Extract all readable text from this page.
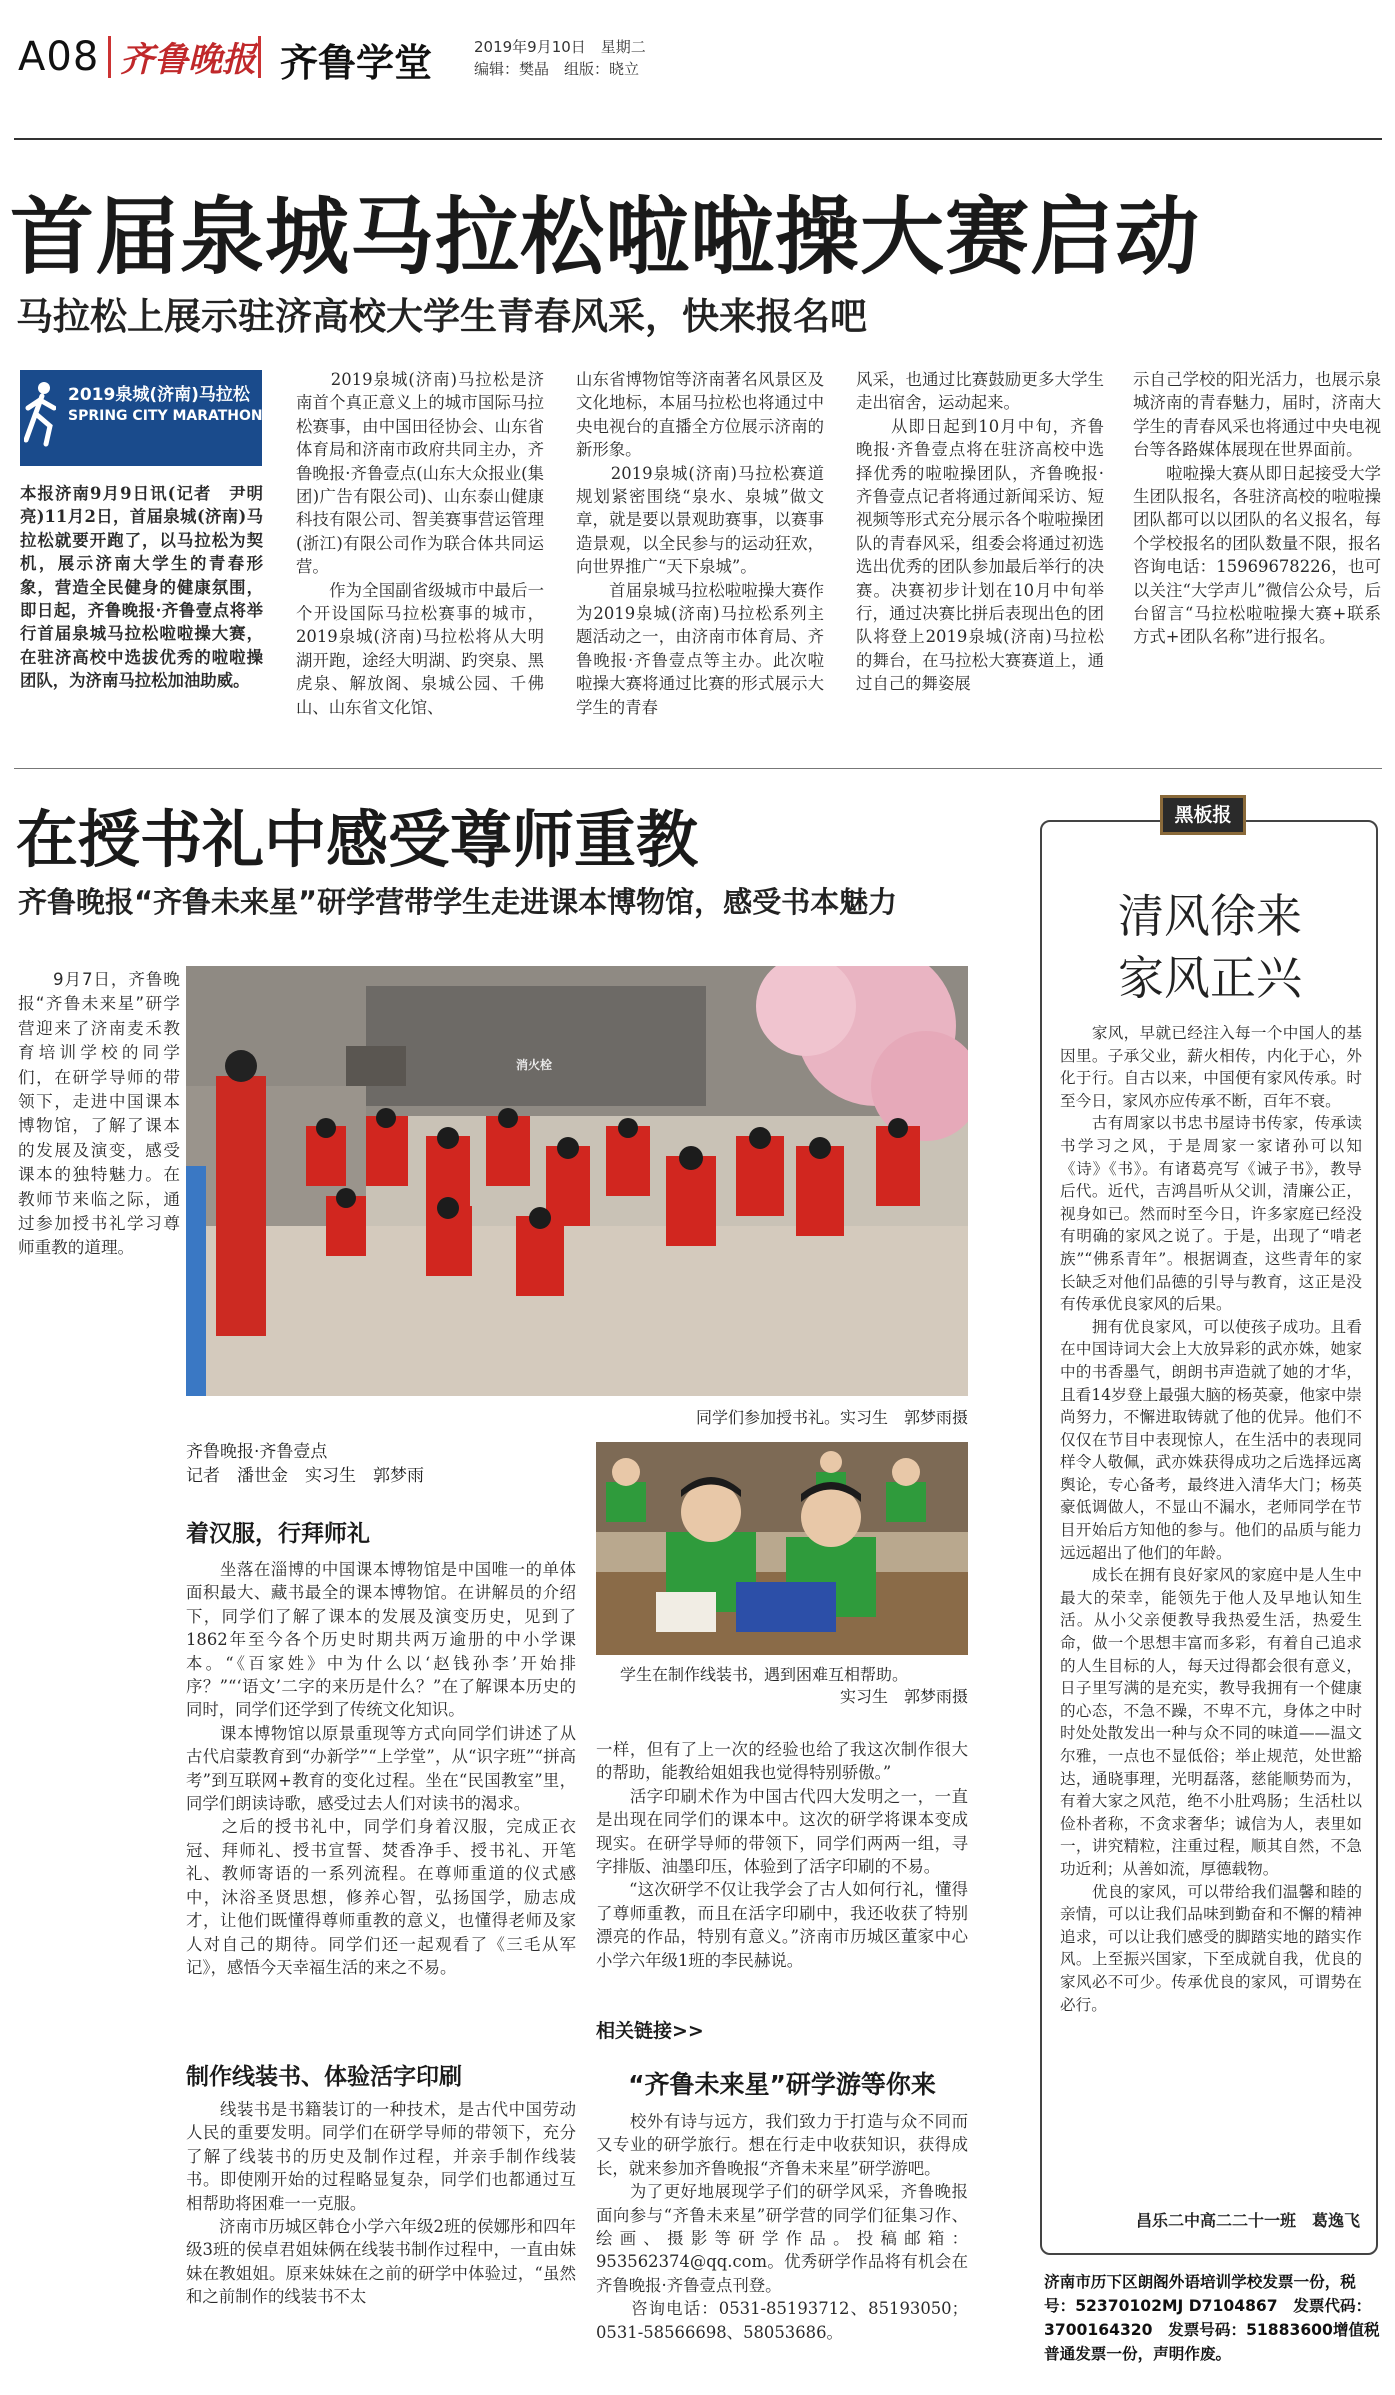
A08 齐鲁晚报 齐鲁学堂	2019年9月10日　星期二
编辑：樊晶　组版：晓立
首届泉城马拉松啦啦操大赛启动
马拉松上展示驻济高校大学生青春风采，快来报名吧
2019泉城(济南)马拉松
SPRING CITY MARATHON 2019
本报济南9月9日讯(记者　尹明亮)11月2日，首届泉城(济南)马拉松就要开跑了，以马拉松为契机，展示济南大学生的青春形象，营造全民健身的健康氛围，即日起，齐鲁晚报·齐鲁壹点将举行首届泉城马拉松啦啦操大赛，在驻济高校中选拔优秀的啦啦操团队，为济南马拉松加油助威。
　　2019泉城(济南)马拉松是济南首个真正意义上的城市国际马拉松赛事，由中国田径协会、山东省体育局和济南市政府共同主办，齐鲁晚报·齐鲁壹点(山东大众报业(集团)广告有限公司)、山东泰山健康科技有限公司、智美赛事营运管理(浙江)有限公司作为联合体共同运营。
　　作为全国副省级城市中最后一个开设国际马拉松赛事的城市，2019泉城(济南)马拉松将从大明湖开跑，途经大明湖、趵突泉、黑虎泉、解放阁、泉城公园、千佛山、山东省文化馆、
山东省博物馆等济南著名风景区及文化地标，本届马拉松也将通过中央电视台的直播全方位展示济南的新形象。
　　2019泉城(济南)马拉松赛道规划紧密围绕“泉水、泉城”做文章，就是要以景观助赛事，以赛事造景观，以全民参与的运动狂欢，向世界推广“天下泉城”。
　　首届泉城马拉松啦啦操大赛作为2019泉城(济南)马拉松系列主题活动之一，由济南市体育局、齐鲁晚报·齐鲁壹点等主办。此次啦啦操大赛将通过比赛的形式展示大学生的青春
风采，也通过比赛鼓励更多大学生走出宿舍，运动起来。
　　从即日起到10月中旬，齐鲁晚报·齐鲁壹点将在驻济高校中选择优秀的啦啦操团队，齐鲁晚报·齐鲁壹点记者将通过新闻采访、短视频等形式充分展示各个啦啦操团队的青春风采，组委会将通过初选选出优秀的团队参加最后举行的决赛。决赛初步计划在10月中旬举行，通过决赛比拼后表现出色的团队将登上2019泉城(济南)马拉松的舞台，在马拉松大赛赛道上，通过自己的舞姿展
示自己学校的阳光活力，也展示泉城济南的青春魅力，届时，济南大学生的青春风采也将通过中央电视台等各路媒体展现在世界面前。
　　啦啦操大赛从即日起接受大学生团队报名，各驻济高校的啦啦操团队都可以以团队的名义报名，每个学校报名的团队数量不限，报名咨询电话：15969678226，也可以关注“大学声儿”微信公众号，后台留言“马拉松啦啦操大赛+联系方式+团队名称”进行报名。
在授书礼中感受尊师重教
齐鲁晚报“齐鲁未来星”研学营带学生走进课本博物馆，感受书本魅力
　　9月7日，齐鲁晚报“齐鲁未来星”研学营迎来了济南麦禾教育培训学校的同学们，在研学导师的带领下，走进中国课本博物馆，了解了课本的发展及演变，感受课本的独特魅力。在教师节来临之际，通过参加授书礼学习尊师重教的道理。
消火栓
同学们参加授书礼。实习生　郭梦雨摄
学生在制作线装书，遇到困难互相帮助。
实习生　郭梦雨摄
齐鲁晚报·齐鲁壹点
记者　潘世金　实习生　郭梦雨
着汉服，行拜师礼
　　坐落在淄博的中国课本博物馆是中国唯一的单体面积最大、藏书最全的课本博物馆。在讲解员的介绍下，同学们了解了课本的发展及演变历史，见到了1862年至今各个历史时期共两万逾册的中小学课本。“《百家姓》中为什么以‘赵钱孙李’开始排序？”“‘语文’二字的来历是什么？”在了解课本历史的同时，同学们还学到了传统文化知识。
　　课本博物馆以原景重现等方式向同学们讲述了从古代启蒙教育到“办新学”“上学堂”，从“识字班”“拼高考”到互联网+教育的变化过程。坐在“民国教室”里，同学们朗读诗歌，感受过去人们对读书的渴求。
　　之后的授书礼中，同学们身着汉服，完成正衣冠、拜师礼、授书宣誓、焚香净手、授书礼、开笔礼、教师寄语的一系列流程。在尊师重道的仪式感中，沐浴圣贤思想，修养心智，弘扬国学，励志成才，让他们既懂得尊师重教的意义，也懂得老师及家人对自己的期待。同学们还一起观看了《三毛从军记》，感悟今天幸福生活的来之不易。
制作线装书、体验活字印刷
　　线装书是书籍装订的一种技术，是古代中国劳动人民的重要发明。同学们在研学导师的带领下，充分了解了线装书的历史及制作过程，并亲手制作线装书。即使刚开始的过程略显复杂，同学们也都通过互相帮助将困难一一克服。
　　济南市历城区韩仓小学六年级2班的侯娜彤和四年级3班的侯卓君姐妹俩在线装书制作过程中，一直由妹妹在教姐姐。原来妹妹在之前的研学中体验过，“虽然和之前制作的线装书不太
一样，但有了上一次的经验也给了我这次制作很大的帮助，能教给姐姐我也觉得特别骄傲。”
　　活字印刷术作为中国古代四大发明之一，一直是出现在同学们的课本中。这次的研学将课本变成现实。在研学导师的带领下，同学们两两一组，寻字排版、油墨印压，体验到了活字印刷的不易。
　　“这次研学不仅让我学会了古人如何行礼，懂得了尊师重教，而且在活字印刷中，我还收获了特别漂亮的作品，特别有意义。”济南市历城区董家中心小学六年级1班的李民赫说。
相关链接>>
“齐鲁未来星”研学游等你来
　　校外有诗与远方，我们致力于打造与众不同而又专业的研学旅行。想在行走中收获知识，获得成长，就来参加齐鲁晚报“齐鲁未来星”研学游吧。
　　为了更好地展现学子们的研学风采，齐鲁晚报面向参与“齐鲁未来星”研学营的同学们征集习作、绘画、摄影等研学作品。投稿邮箱：953562374@qq.com。优秀研学作品将有机会在齐鲁晚报·齐鲁壹点刊登。
　　咨询电话：0531-85193712、85193050；0531-58566698、58053686。
黑板报
清风徐来
家风正兴
　　家风，早就已经注入每一个中国人的基因里。子承父业，薪火相传，内化于心，外化于行。自古以来，中国便有家风传承。时至今日，家风亦应传承不断，百年不衰。
　　古有周家以书忠书屋诗书传家，传承读书学习之风，于是周家一家诸孙可以知《诗》《书》。有诸葛亮写《诫子书》，教导后代。近代，吉鸿昌听从父训，清廉公正，视身如已。然而时至今日，许多家庭已经没有明确的家风之说了。于是，出现了“啃老族”“佛系青年”。根据调查，这些青年的家长缺乏对他们品德的引导与教育，这正是没有传承优良家风的后果。
　　拥有优良家风，可以使孩子成功。且看在中国诗词大会上大放异彩的武亦姝，她家中的书香墨气，朗朗书声造就了她的才华，且看14岁登上最强大脑的杨英豪，他家中崇尚努力，不懈进取铸就了他的优异。他们不仅仅在节目中表现惊人，在生活中的表现同样令人敬佩，武亦姝获得成功之后选择远离舆论，专心备考，最终进入清华大门；杨英豪低调做人，不显山不漏水，老师同学在节目开始后方知他的参与。他们的品质与能力远远超出了他们的年龄。
　　成长在拥有良好家风的家庭中是人生中最大的荣幸，能领先于他人及早地认知生活。从小父亲便教导我热爱生活，热爱生命，做一个思想丰富而多彩，有着自己追求的人生目标的人，每天过得都会很有意义，日子里写满的是充实，教导我拥有一个健康的心态，不急不躁，不卑不亢，身体之中时时处处散发出一种与众不同的味道——温文尔雅，一点也不显低俗；举止规范，处世豁达，通晓事理，光明磊落，慈能顺势而为，有着大家之风范，绝不小肚鸡肠；生活杜以俭朴者称，不贪求奢华；诚信为人，表里如一，讲究精粒，注重过程，顺其自然，不急功近利；从善如流，厚德载物。
　　优良的家风，可以带给我们温馨和睦的亲情，可以让我们品味到勤奋和不懈的精神追求，可以让我们感受的脚踏实地的踏实作风。上至振兴国家，下至成就自我，优良的家风必不可少。传承优良的家风，可谓势在必行。
昌乐二中高二二十一班　葛逸飞
济南市历下区朗阁外语培训学校发票一份，税号：52370102MJ D7104867　发票代码：3700164320　发票号码：51883600增值税普通发票一份，声明作废。
